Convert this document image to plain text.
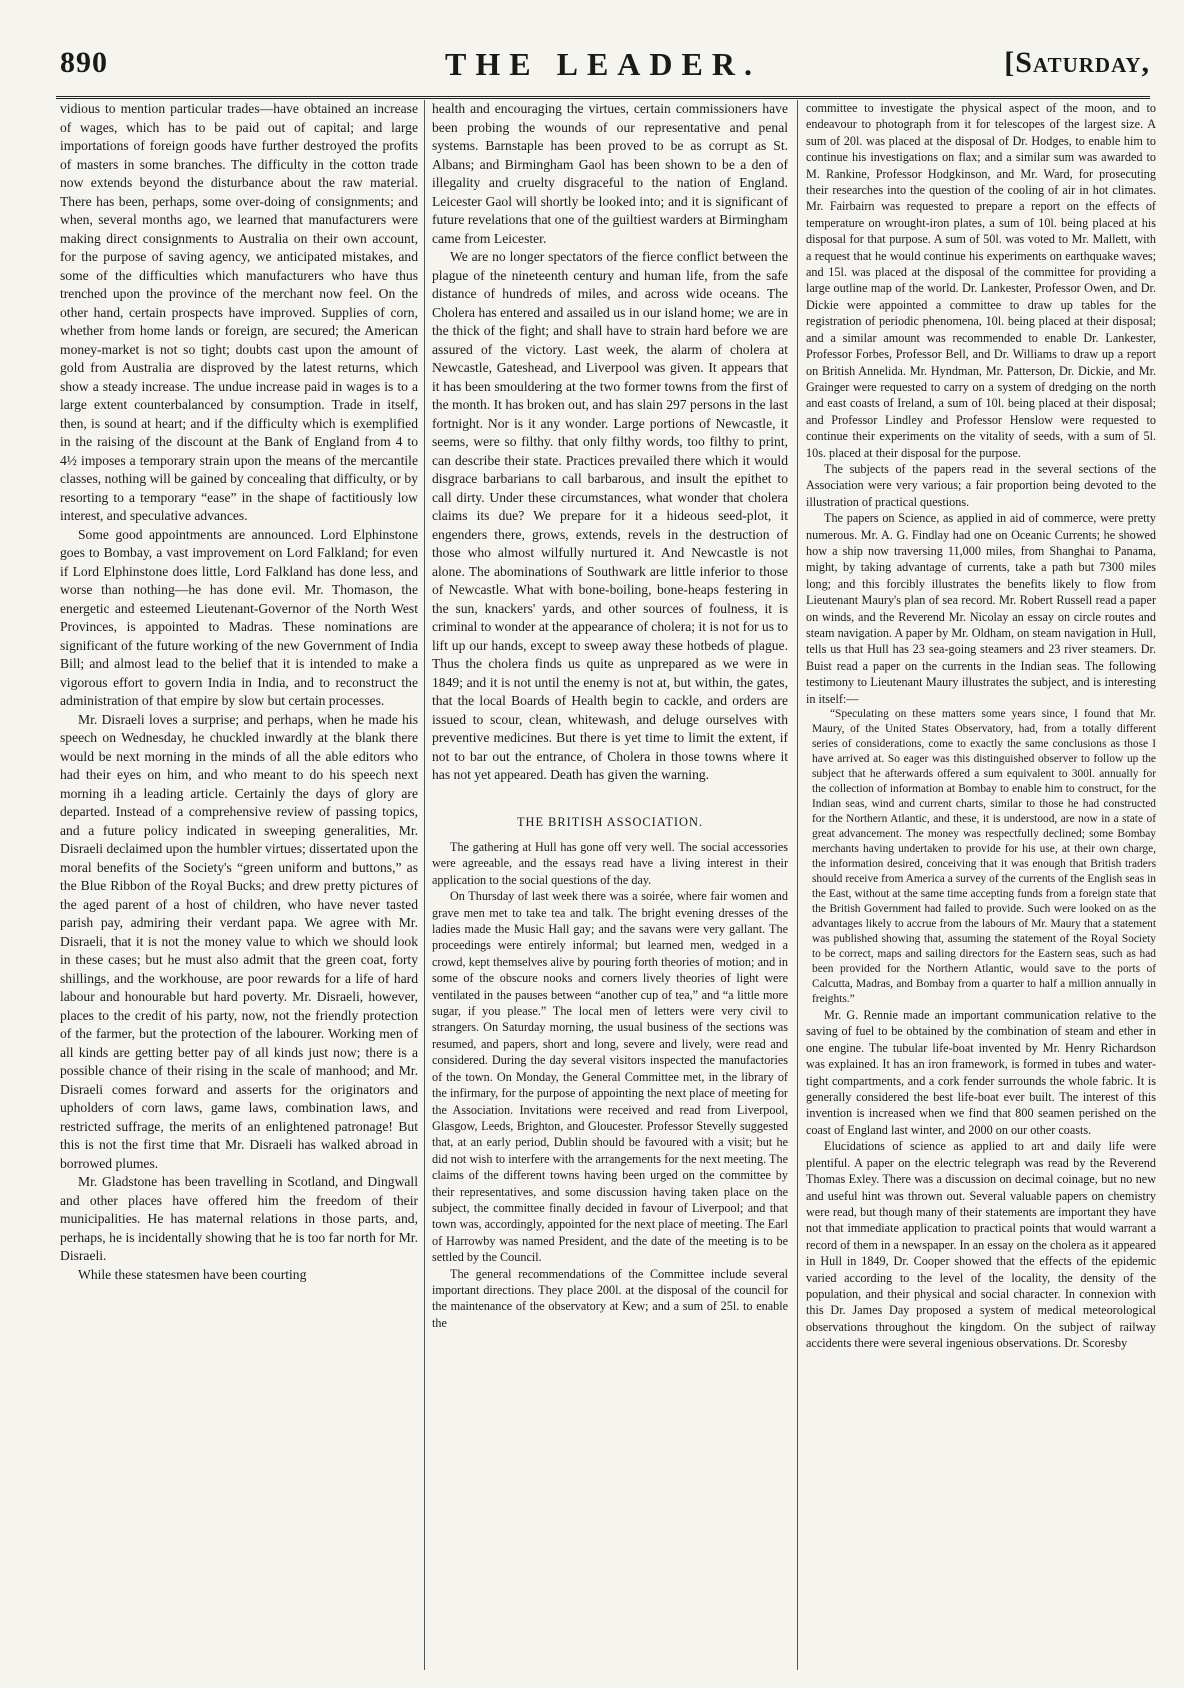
890	THE LEADER.	[Saturday,

vidious to mention particular trades—have obtained an increase of wages, which has to be paid out of capital; and large importations of foreign goods have further destroyed the profits of masters in some branches. The difficulty in the cotton trade now extends beyond the disturbance about the raw material. There has been, perhaps, some over-doing of consignments; and when, several months ago, we learned that manufacturers were making direct consignments to Australia on their own account, for the purpose of saving agency, we anticipated mistakes, and some of the difficulties which manufacturers who have thus trenched upon the province of the merchant now feel. On the other hand, certain prospects have improved. Supplies of corn, whether from home lands or foreign, are secured; the American money-market is not so tight; doubts cast upon the amount of gold from Australia are disproved by the latest returns, which show a steady increase. The undue increase paid in wages is to a large extent counterbalanced by consumption. Trade in itself, then, is sound at heart; and if the difficulty which is exemplified in the raising of the discount at the Bank of England from 4 to 4½ imposes a temporary strain upon the means of the mercantile classes, nothing will be gained by concealing that difficulty, or by resorting to a temporary “ease” in the shape of factitiously low interest, and speculative advances.

Some good appointments are announced. Lord Elphinstone goes to Bombay, a vast improvement on Lord Falkland; for even if Lord Elphinstone does little, Lord Falkland has done less, and worse than nothing—he has done evil. Mr. Thomason, the energetic and esteemed Lieutenant-Governor of the North West Provinces, is appointed to Madras. These nominations are significant of the future working of the new Government of India Bill; and almost lead to the belief that it is intended to make a vigorous effort to govern India in India, and to reconstruct the administration of that empire by slow but certain processes.

Mr. Disraeli loves a surprise; and perhaps, when he made his speech on Wednesday, he chuckled inwardly at the blank there would be next morning in the minds of all the able editors who had their eyes on him, and who meant to do his speech next morning ih a leading article. Certainly the days of glory are departed. Instead of a comprehensive review of passing topics, and a future policy indicated in sweeping generalities, Mr. Disraeli declaimed upon the humbler virtues; dissertated upon the moral benefits of the Society's “green uniform and buttons,” as the Blue Ribbon of the Royal Bucks; and drew pretty pictures of the aged parent of a host of children, who have never tasted parish pay, admiring their verdant papa. We agree with Mr. Disraeli, that it is not the money value to which we should look in these cases; but he must also admit that the green coat, forty shillings, and the workhouse, are poor rewards for a life of hard labour and honourable but hard poverty. Mr. Disraeli, however, places to the credit of his party, now, not the friendly protection of the farmer, but the protection of the labourer. Working men of all kinds are getting better pay of all kinds just now; there is a possible chance of their rising in the scale of manhood; and Mr. Disraeli comes forward and asserts for the originators and upholders of corn laws, game laws, combination laws, and restricted suffrage, the merits of an enlightened patronage! But this is not the first time that Mr. Disraeli has walked abroad in borrowed plumes.

Mr. Gladstone has been travelling in Scotland, and Dingwall and other places have offered him the freedom of their municipalities. He has maternal relations in those parts, and, perhaps, he is incidentally showing that he is too far north for Mr. Disraeli.

While these statesmen have been courting

health and encouraging the virtues, certain commissioners have been probing the wounds of our representative and penal systems. Barnstaple has been proved to be as corrupt as St. Albans; and Birmingham Gaol has been shown to be a den of illegality and cruelty disgraceful to the nation of England. Leicester Gaol will shortly be looked into; and it is significant of future revelations that one of the guiltiest warders at Birmingham came from Leicester.

We are no longer spectators of the fierce conflict between the plague of the nineteenth century and human life, from the safe distance of hundreds of miles, and across wide oceans. The Cholera has entered and assailed us in our island home; we are in the thick of the fight; and shall have to strain hard before we are assured of the victory. Last week, the alarm of cholera at Newcastle, Gateshead, and Liverpool was given. It appears that it has been smouldering at the two former towns from the first of the month. It has broken out, and has slain 297 persons in the last fortnight. Nor is it any wonder. Large portions of Newcastle, it seems, were so filthy. that only filthy words, too filthy to print, can describe their state. Practices prevailed there which it would disgrace barbarians to call barbarous, and insult the epithet to call dirty. Under these circumstances, what wonder that cholera claims its due? We prepare for it a hideous seed-plot, it engenders there, grows, extends, revels in the destruction of those who almost wilfully nurtured it. And Newcastle is not alone. The abominations of Southwark are little inferior to those of Newcastle. What with bone-boiling, bone-heaps festering in the sun, knackers' yards, and other sources of foulness, it is criminal to wonder at the appearance of cholera; it is not for us to lift up our hands, except to sweep away these hotbeds of plague. Thus the cholera finds us quite as unprepared as we were in 1849; and it is not until the enemy is not at, but within, the gates, that the local Boards of Health begin to cackle, and orders are issued to scour, clean, whitewash, and deluge ourselves with preventive medicines. But there is yet time to limit the extent, if not to bar out the entrance, of Cholera in those towns where it has not yet appeared. Death has given the warning.

THE BRITISH ASSOCIATION.

The gathering at Hull has gone off very well. The social accessories were agreeable, and the essays read have a living interest in their application to the social questions of the day.

On Thursday of last week there was a soirée, where fair women and grave men met to take tea and talk. The bright evening dresses of the ladies made the Music Hall gay; and the savans were very gallant. The proceedings were entirely informal; but learned men, wedged in a crowd, kept themselves alive by pouring forth theories of motion; and in some of the obscure nooks and corners lively theories of light were ventilated in the pauses between “another cup of tea,” and “a little more sugar, if you please.” The local men of letters were very civil to strangers. On Saturday morning, the usual business of the sections was resumed, and papers, short and long, severe and lively, were read and considered. During the day several visitors inspected the manufactories of the town. On Monday, the General Committee met, in the library of the infirmary, for the purpose of appointing the next place of meeting for the Association. Invitations were received and read from Liverpool, Glasgow, Leeds, Brighton, and Gloucester. Professor Stevelly suggested that, at an early period, Dublin should be favoured with a visit; but he did not wish to interfere with the arrangements for the next meeting. The claims of the different towns having been urged on the committee by their representatives, and some discussion having taken place on the subject, the committee finally decided in favour of Liverpool; and that town was, accordingly, appointed for the next place of meeting. The Earl of Harrowby was named President, and the date of the meeting is to be settled by the Council.

The general recommendations of the Committee include several important directions. They place 200l. at the disposal of the council for the maintenance of the observatory at Kew; and a sum of 25l. to enable the

committee to investigate the physical aspect of the moon, and to endeavour to photograph from it for telescopes of the largest size. A sum of 20l. was placed at the disposal of Dr. Hodges, to enable him to continue his investigations on flax; and a similar sum was awarded to M. Rankine, Professor Hodgkinson, and Mr. Ward, for prosecuting their researches into the question of the cooling of air in hot climates. Mr. Fairbairn was requested to prepare a report on the effects of temperature on wrought-iron plates, a sum of 10l. being placed at his disposal for that purpose. A sum of 50l. was voted to Mr. Mallett, with a request that he would continue his experiments on earthquake waves; and 15l. was placed at the disposal of the committee for providing a large outline map of the world. Dr. Lankester, Professor Owen, and Dr. Dickie were appointed a committee to draw up tables for the registration of periodic phenomena, 10l. being placed at their disposal; and a similar amount was recommended to enable Dr. Lankester, Professor Forbes, Professor Bell, and Dr. Williams to draw up a report on British Annelida. Mr. Hyndman, Mr. Patterson, Dr. Dickie, and Mr. Grainger were requested to carry on a system of dredging on the north and east coasts of Ireland, a sum of 10l. being placed at their disposal; and Professor Lindley and Professor Henslow were requested to continue their experiments on the vitality of seeds, with a sum of 5l. 10s. placed at their disposal for the purpose.

The subjects of the papers read in the several sections of the Association were very various; a fair proportion being devoted to the illustration of practical questions.

The papers on Science, as applied in aid of commerce, were pretty numerous. Mr. A. G. Findlay had one on Oceanic Currents; he showed how a ship now traversing 11,000 miles, from Shanghai to Panama, might, by taking advantage of currents, take a path but 7300 miles long; and this forcibly illustrates the benefits likely to flow from Lieutenant Maury's plan of sea record. Mr. Robert Russell read a paper on winds, and the Reverend Mr. Nicolay an essay on circle routes and steam navigation. A paper by Mr. Oldham, on steam navigation in Hull, tells us that Hull has 23 sea-going steamers and 23 river steamers. Dr. Buist read a paper on the currents in the Indian seas. The following testimony to Lieutenant Maury illustrates the subject, and is interesting in itself:—

“Speculating on these matters some years since, I found that Mr. Maury, of the United States Observatory, had, from a totally different series of considerations, come to exactly the same conclusions as those I have arrived at. So eager was this distinguished observer to follow up the subject that he afterwards offered a sum equivalent to 300l. annually for the collection of information at Bombay to enable him to construct, for the Indian seas, wind and current charts, similar to those he had constructed for the Northern Atlantic, and these, it is understood, are now in a state of great advancement. The money was respectfully declined; some Bombay merchants having undertaken to provide for his use, at their own charge, the information desired, conceiving that it was enough that British traders should receive from America a survey of the currents of the English seas in the East, without at the same time accepting funds from a foreign state that the British Government had failed to provide. Such were looked on as the advantages likely to accrue from the labours of Mr. Maury that a statement was published showing that, assuming the statement of the Royal Society to be correct, maps and sailing directors for the Eastern seas, such as had been provided for the Northern Atlantic, would save to the ports of Calcutta, Madras, and Bombay from a quarter to half a million annually in freights.”

Mr. G. Rennie made an important communication relative to the saving of fuel to be obtained by the combination of steam and ether in one engine. The tubular life-boat invented by Mr. Henry Richardson was explained. It has an iron framework, is formed in tubes and water-tight compartments, and a cork fender surrounds the whole fabric. It is generally considered the best life-boat ever built. The interest of this invention is increased when we find that 800 seamen perished on the coast of England last winter, and 2000 on our other coasts.

Elucidations of science as applied to art and daily life were plentiful. A paper on the electric telegraph was read by the Reverend Thomas Exley. There was a discussion on decimal coinage, but no new and useful hint was thrown out. Several valuable papers on chemistry were read, but though many of their statements are important they have not that immediate application to practical points that would warrant a record of them in a newspaper. In an essay on the cholera as it appeared in Hull in 1849, Dr. Cooper showed that the effects of the epidemic varied according to the level of the locality, the density of the population, and their physical and social character. In connexion with this Dr. James Day proposed a system of medical meteorological observations throughout the kingdom. On the subject of railway accidents there were several ingenious observations. Dr. Scoresby
